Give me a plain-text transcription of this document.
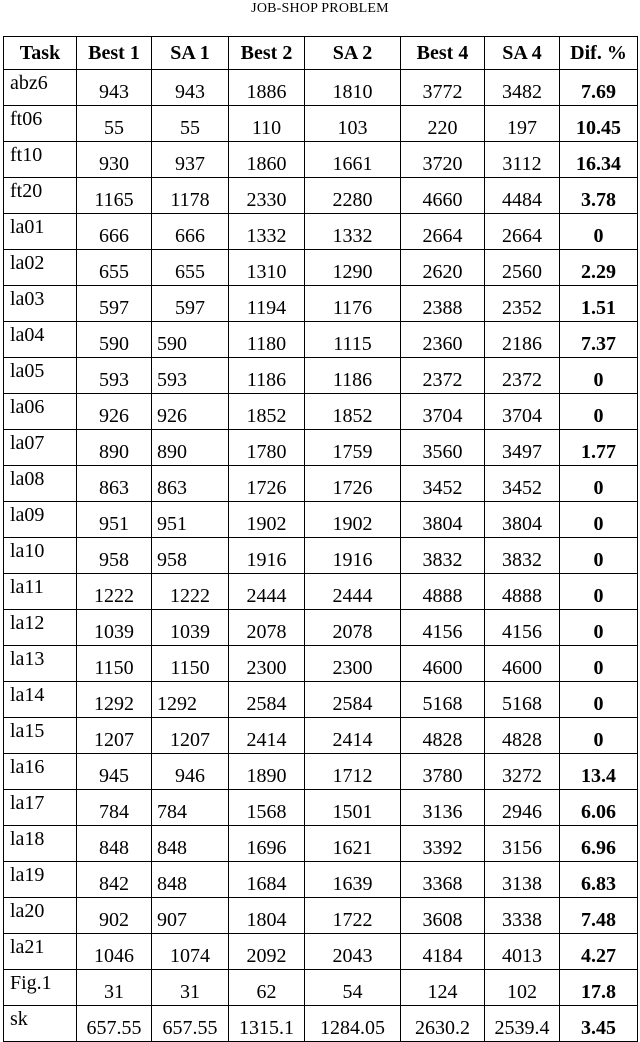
JOB-SHOP PROBLEM
Task	Best 1	SA 1	Best 2	SA 2	Best 4	SA 4	Dif. %
abz6	943	943	1886	1810	3772	3482	7.69
ft06	55	55	110	103	220	197	10.45
ft10	930	937	1860	1661	3720	3112	16.34
ft20	1165	1178	2330	2280	4660	4484	3.78
la01	666	666	1332	1332	2664	2664	0
la02	655	655	1310	1290	2620	2560	2.29
la03	597	597	1194	1176	2388	2352	1.51
la04	590	590	1180	1115	2360	2186	7.37
la05	593	593	1186	1186	2372	2372	0
la06	926	926	1852	1852	3704	3704	0
la07	890	890	1780	1759	3560	3497	1.77
la08	863	863	1726	1726	3452	3452	0
la09	951	951	1902	1902	3804	3804	0
la10	958	958	1916	1916	3832	3832	0
la11	1222	1222	2444	2444	4888	4888	0
la12	1039	1039	2078	2078	4156	4156	0
la13	1150	1150	2300	2300	4600	4600	0
la14	1292	1292	2584	2584	5168	5168	0
la15	1207	1207	2414	2414	4828	4828	0
la16	945	946	1890	1712	3780	3272	13.4
la17	784	784	1568	1501	3136	2946	6.06
la18	848	848	1696	1621	3392	3156	6.96
la19	842	848	1684	1639	3368	3138	6.83
la20	902	907	1804	1722	3608	3338	7.48
la21	1046	1074	2092	2043	4184	4013	4.27
Fig.1	31	31	62	54	124	102	17.8
sk	657.55	657.55	1315.1	1284.05	2630.2	2539.4	3.45
